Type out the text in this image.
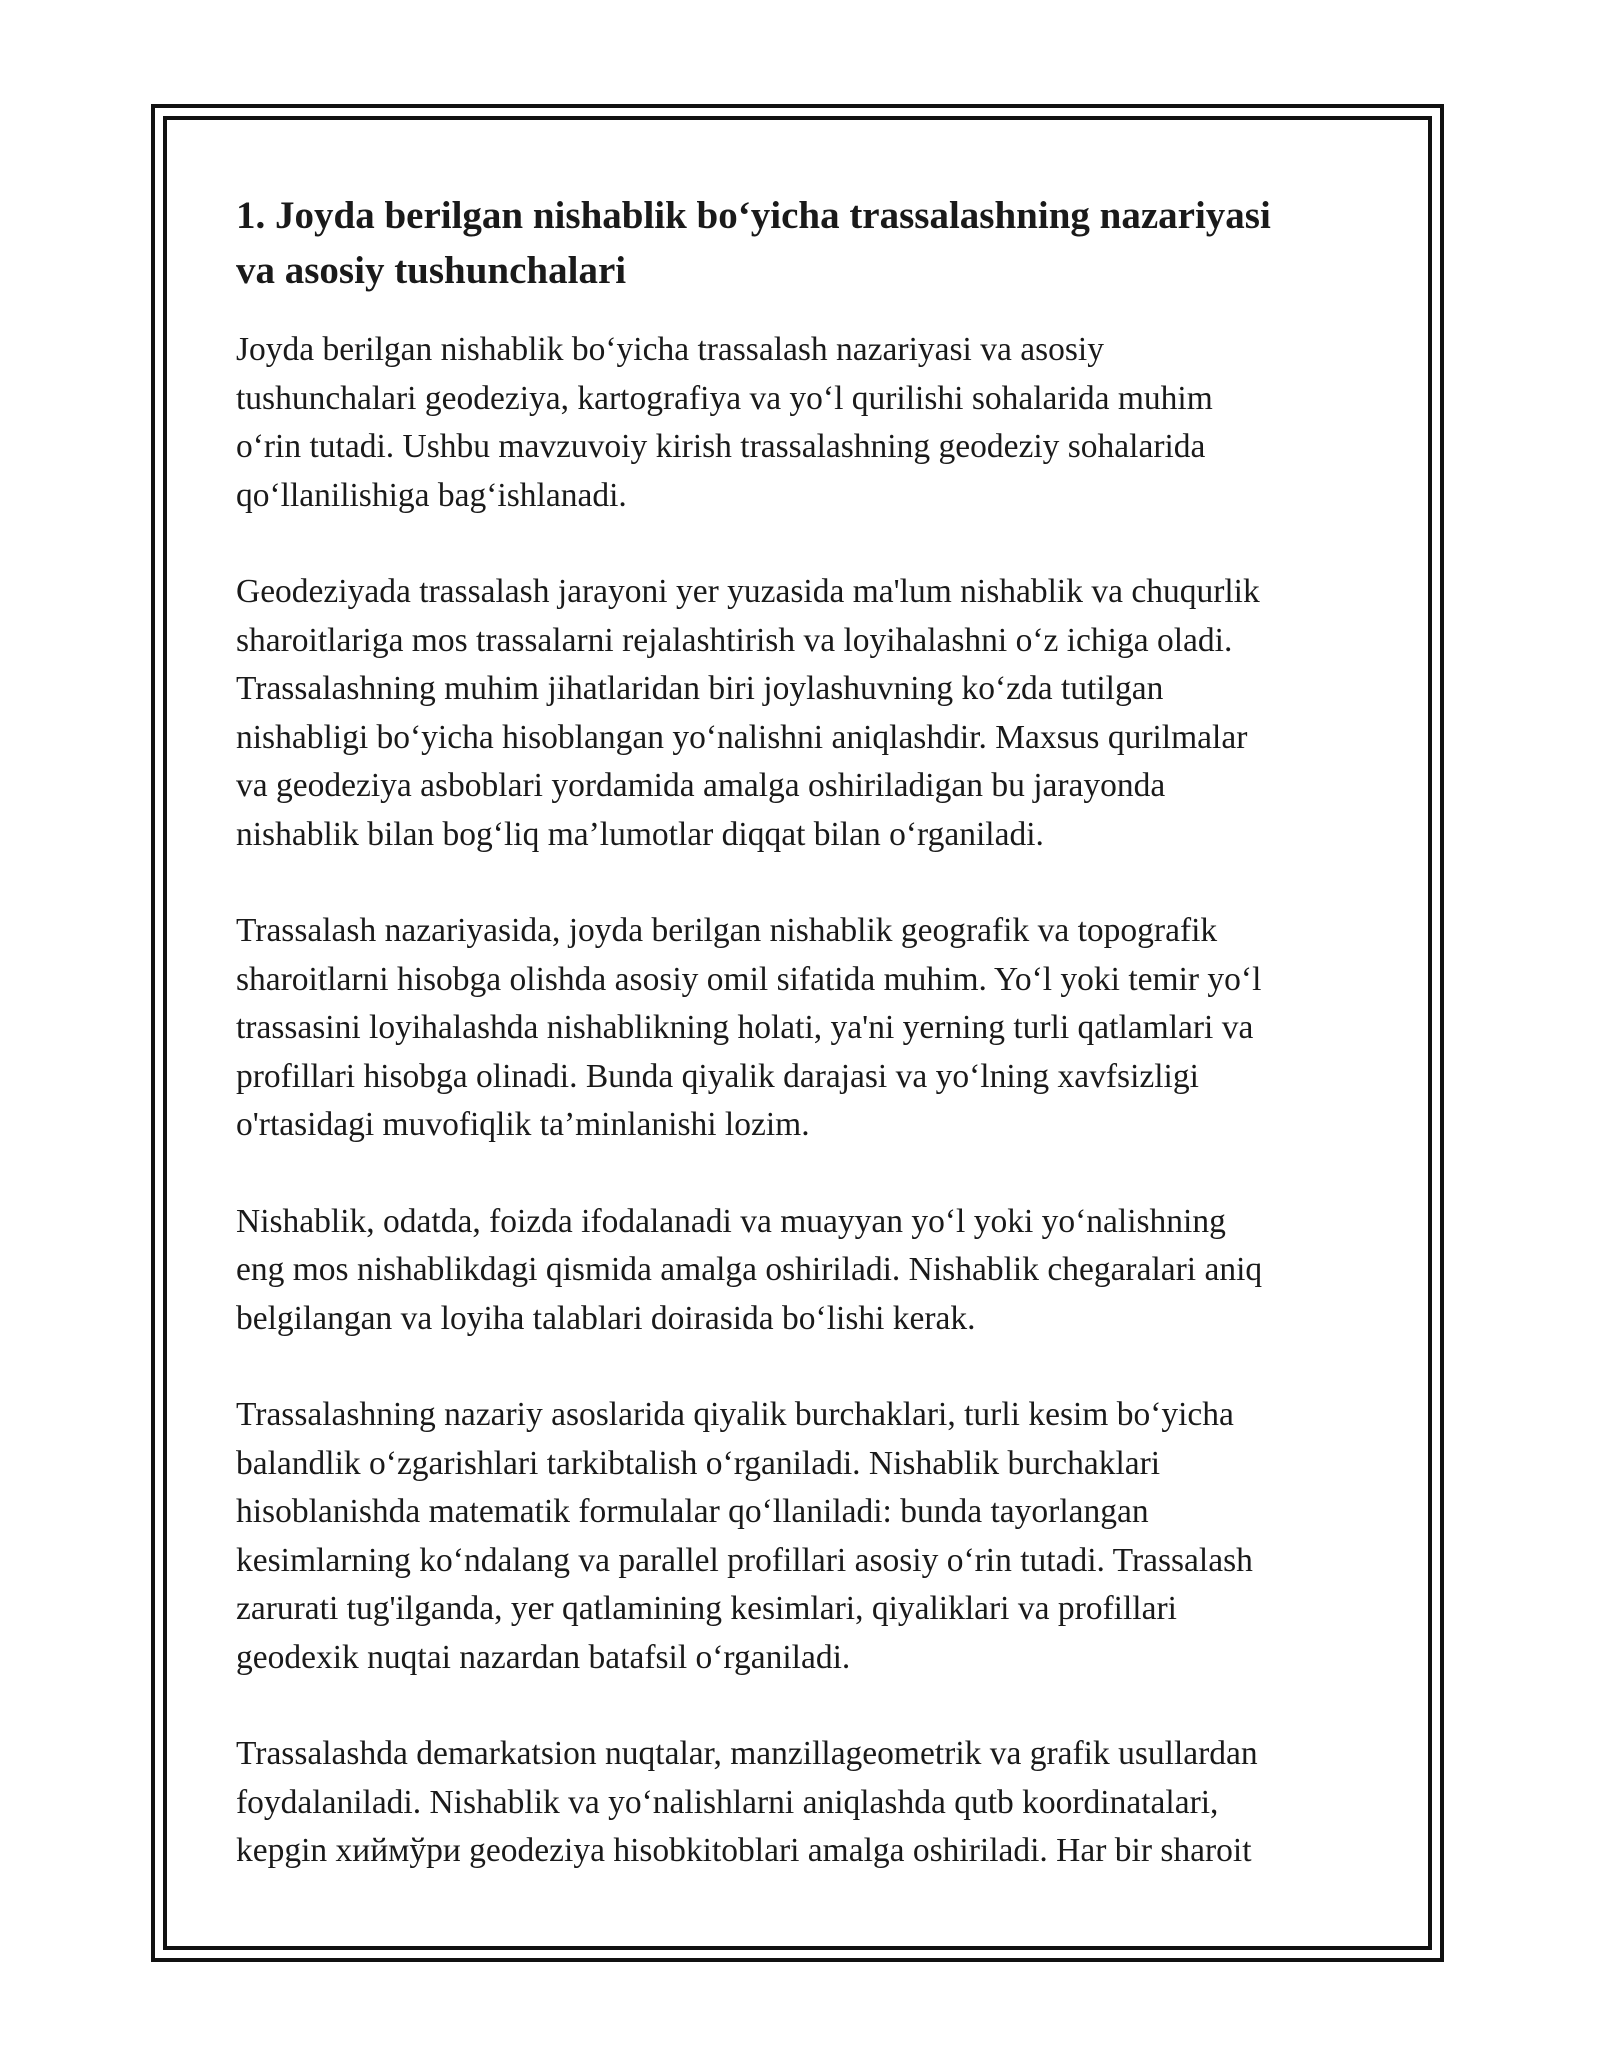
1. Joyda berilgan nishablik bo‘yicha trassalashning nazariyasi
va asosiy tushunchalari

Joyda berilgan nishablik bo‘yicha trassalash nazariyasi va asosiy
tushunchalari geodeziya, kartografiya va yo‘l qurilishi sohalarida muhim
o‘rin tutadi. Ushbu mavzuvoiy kirish trassalashning geodeziy sohalarida
qo‘llanilishiga bag‘ishlanadi.

Geodeziyada trassalash jarayoni yer yuzasida ma'lum nishablik va chuqurlik
sharoitlariga mos trassalarni rejalashtirish va loyihalashni o‘z ichiga oladi.
Trassalashning muhim jihatlaridan biri joylashuvning ko‘zda tutilgan
nishabligi bo‘yicha hisoblangan yo‘nalishni aniqlashdir. Maxsus qurilmalar
va geodeziya asboblari yordamida amalga oshiriladigan bu jarayonda
nishablik bilan bog‘liq ma’lumotlar diqqat bilan o‘rganiladi.

Trassalash nazariyasida, joyda berilgan nishablik geografik va topografik
sharoitlarni hisobga olishda asosiy omil sifatida muhim. Yo‘l yoki temir yo‘l
trassasini loyihalashda nishablikning holati, ya'ni yerning turli qatlamlari va
profillari hisobga olinadi. Bunda qiyalik darajasi va yo‘lning xavfsizligi
o'rtasidagi muvofiqlik ta’minlanishi lozim.

Nishablik, odatda, foizda ifodalanadi va muayyan yo‘l yoki yo‘nalishning
eng mos nishablikdagi qismida amalga oshiriladi. Nishablik chegaralari aniq
belgilangan va loyiha talablari doirasida bo‘lishi kerak.

Trassalashning nazariy asoslarida qiyalik burchaklari, turli kesim bo‘yicha
balandlik o‘zgarishlari tarkibtalish o‘rganiladi. Nishablik burchaklari
hisoblanishda matematik formulalar qo‘llaniladi: bunda tayorlangan
kesimlarning ko‘ndalang va parallel profillari asosiy o‘rin tutadi. Trassalash
zarurati tug'ilganda, yer qatlamining kesimlari, qiyaliklari va profillari
geodexik nuqtai nazardan batafsil o‘rganiladi.

Trassalashda demarkatsion nuqtalar, manzillageometrik va grafik usullardan
foydalaniladi. Nishablik va yo‘nalishlarni aniqlashda qutb koordinatalari,
kepgin хиймўри geodeziya hisobkitoblari amalga oshiriladi. Har bir sharoit
